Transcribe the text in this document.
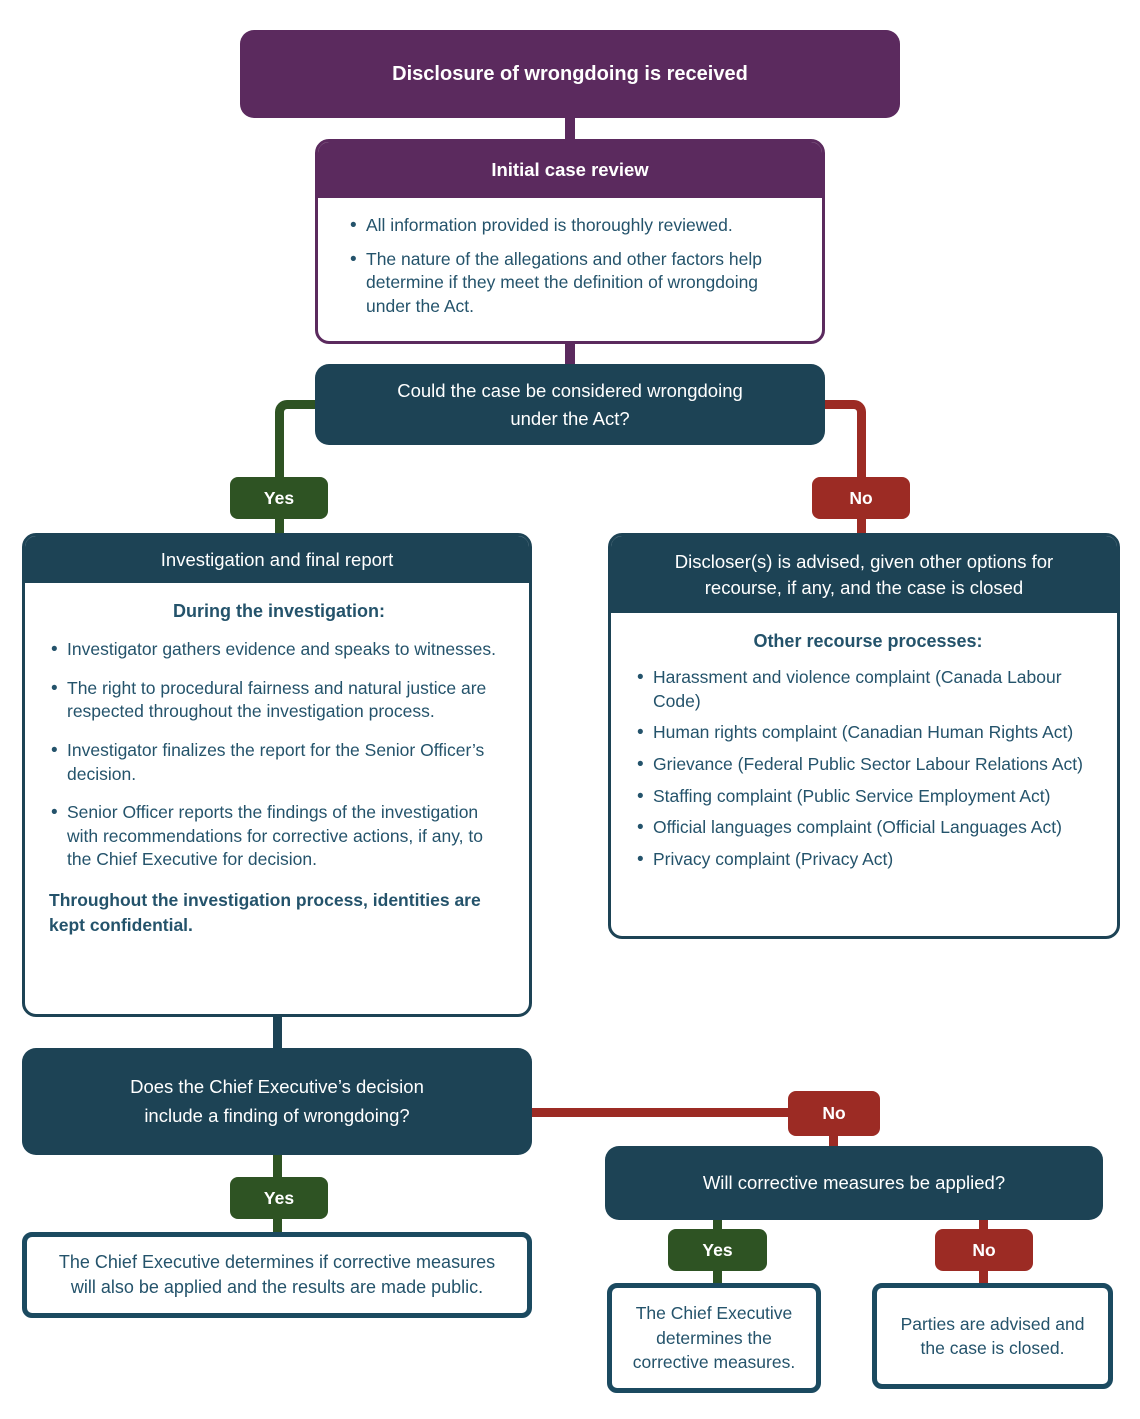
Disclosure of wrongdoing is received
Initial case review
• All information provided is thoroughly reviewed.
• The nature of the allegations and other factors help determine if they meet the definition of wrongdoing under the Act.
Could the case be considered wrongdoing under the Act?
Yes	No
Investigation and final report
During the investigation:
• Investigator gathers evidence and speaks to witnesses.
• The right to procedural fairness and natural justice are respected throughout the investigation process.
• Investigator finalizes the report for the Senior Officer’s decision.
• Senior Officer reports the findings of the investigation with recommendations for corrective actions, if any, to the Chief Executive for decision.
Throughout the investigation process, identities are kept confidential.
Discloser(s) is advised, given other options for recourse, if any, and the case is closed
Other recourse processes:
• Harassment and violence complaint (Canada Labour Code)
• Human rights complaint (Canadian Human Rights Act)
• Grievance (Federal Public Sector Labour Relations Act)
• Staffing complaint (Public Service Employment Act)
• Official languages complaint (Official Languages Act)
• Privacy complaint (Privacy Act)
Does the Chief Executive’s decision include a finding of wrongdoing?
Yes
No
The Chief Executive determines if corrective measures will also be applied and the results are made public.
Will corrective measures be applied?
Yes	No
The Chief Executive determines the corrective measures.
Parties are advised and the case is closed.
